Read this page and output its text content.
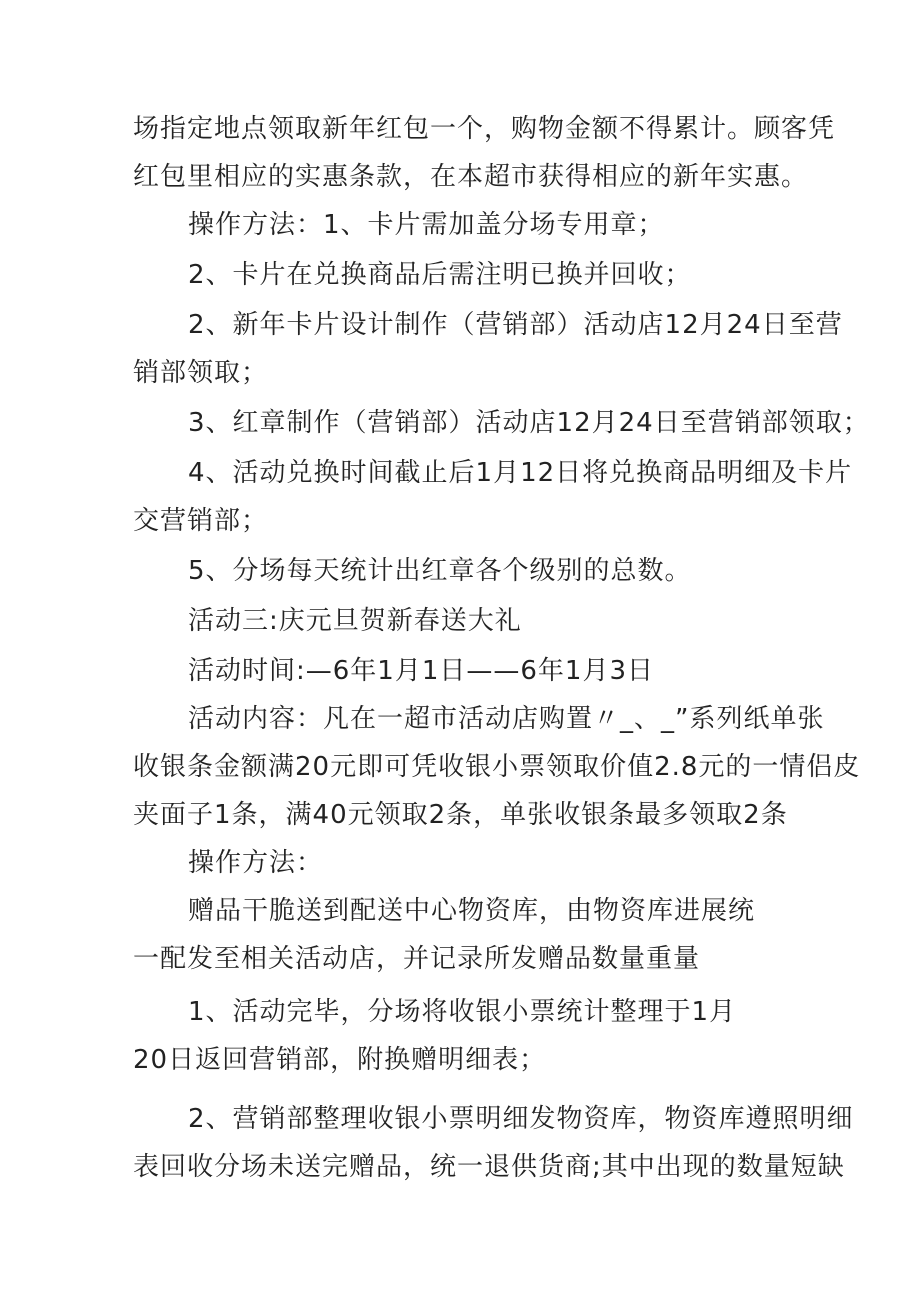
场指定地点领取新年红包一个，购物金额不得累计。顾客凭
红包里相应的实惠条款，在本超市获得相应的新年实惠。
操作方法：1、卡片需加盖分场专用章；
2、卡片在兑换商品后需注明已换并回收；
2、新年卡片设计制作（营销部）活动店12月24日至营
销部领取；
3、红章制作（营销部）活动店12月24日至营销部领取；
4、活动兑换时间截止后1月12日将兑换商品明细及卡片
交营销部；
5、分场每天统计出红章各个级别的总数。
活动三:庆元旦贺新春送大礼
活动时间:—6年1月1日——6年1月3日
活动内容：凡在一超市活动店购置〃_、_”系列纸单张
收银条金额满20元即可凭收银小票领取价值2.8元的一情侣皮
夹面子1条，满40元领取2条，单张收银条最多领取2条
操作方法：
赠品干脆送到配送中心物资库，由物资库进展统
一配发至相关活动店，并记录所发赠品数量重量
1、活动完毕，分场将收银小票统计整理于1月
20日返回营销部，附换赠明细表；
2、营销部整理收银小票明细发物资库，物资库遵照明细
表回收分场未送完赠品，统一退供货商;其中出现的数量短缺
